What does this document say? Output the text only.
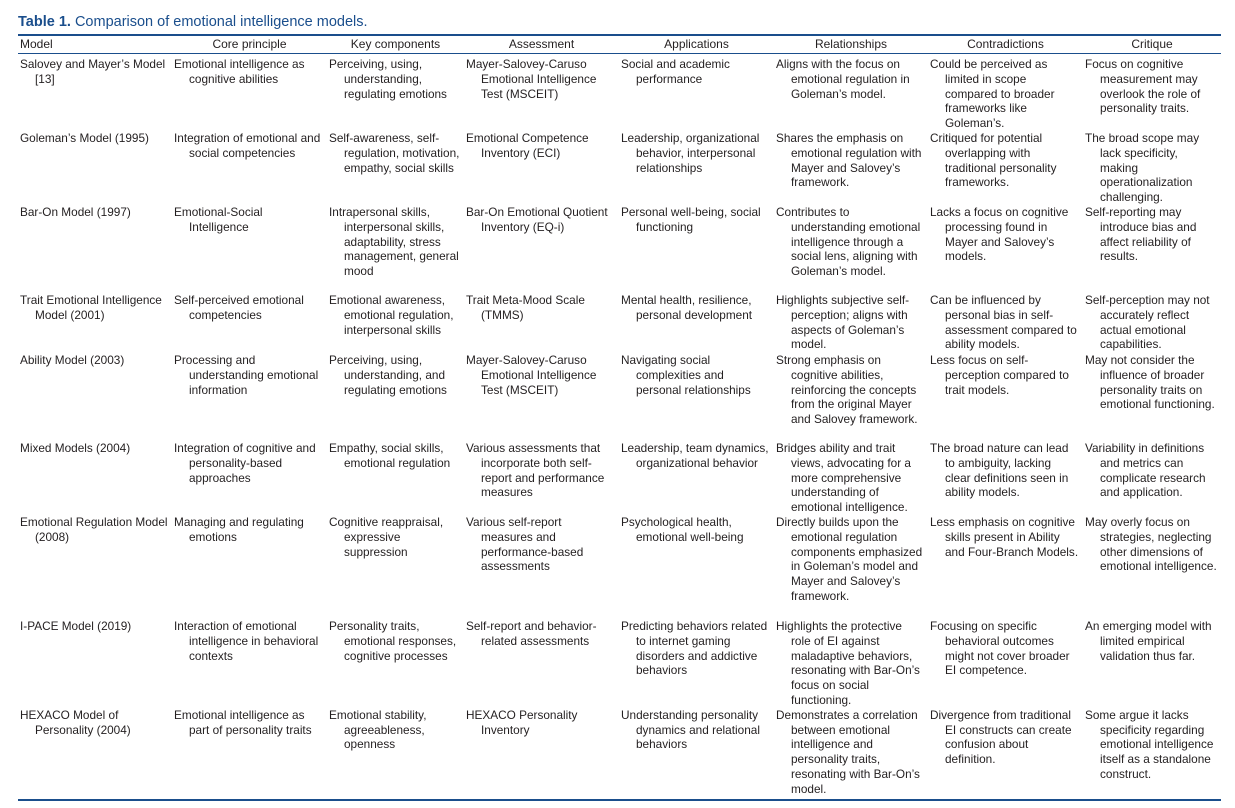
Table 1. Comparison of emotional intelligence models.
Model	Core principle	Key components	Assessment	Applications	Relationships	Contradictions	Critique

Salovey and Mayer’s Model [13]	Emotional intelligence as cognitive abilities	Perceiving, using, understanding, regulating emotions	Mayer-Salovey-Caruso Emotional Intelligence Test (MSCEIT)	Social and academic performance	Aligns with the focus on emotional regulation in Goleman’s model.	Could be perceived as limited in scope compared to broader frameworks like Goleman’s.	Focus on cognitive measurement may overlook the role of personality traits.

Goleman’s Model (1995)	Integration of emotional and social competencies	Self-awareness, self-regulation, motivation, empathy, social skills	Emotional Competence Inventory (ECI)	Leadership, organizational behavior, interpersonal relationships	Shares the emphasis on emotional regulation with Mayer and Salovey’s framework.	Critiqued for potential overlapping with traditional personality frameworks.	The broad scope may lack specificity, making operationalization challenging.

Bar-On Model (1997)	Emotional-Social Intelligence	Intrapersonal skills, interpersonal skills, adaptability, stress management, general mood	Bar-On Emotional Quotient Inventory (EQ-i)	Personal well-being, social functioning	Contributes to understanding emotional intelligence through a social lens, aligning with Goleman’s model.	Lacks a focus on cognitive processing found in Mayer and Salovey’s models.	Self-reporting may introduce bias and affect reliability of results.

Trait Emotional Intelligence Model (2001)	Self-perceived emotional competencies	Emotional awareness, emotional regulation, interpersonal skills	Trait Meta-Mood Scale (TMMS)	Mental health, resilience, personal development	Highlights subjective self-perception; aligns with aspects of Goleman’s model.	Can be influenced by personal bias in self-assessment compared to ability models.	Self-perception may not accurately reflect actual emotional capabilities.

Ability Model (2003)	Processing and understanding emotional information	Perceiving, using, understanding, and regulating emotions	Mayer-Salovey-Caruso Emotional Intelligence Test (MSCEIT)	Navigating social complexities and personal relationships	Strong emphasis on cognitive abilities, reinforcing the concepts from the original Mayer and Salovey framework.	Less focus on self-perception compared to trait models.	May not consider the influence of broader personality traits on emotional functioning.

Mixed Models (2004)	Integration of cognitive and personality-based approaches	Empathy, social skills, emotional regulation	Various assessments that incorporate both self-report and performance measures	Leadership, team dynamics, organizational behavior	Bridges ability and trait views, advocating for a more comprehensive understanding of emotional intelligence.	The broad nature can lead to ambiguity, lacking clear definitions seen in ability models.	Variability in definitions and metrics can complicate research and application.

Emotional Regulation Model (2008)	Managing and regulating emotions	Cognitive reappraisal, expressive suppression	Various self-report measures and performance-based assessments	Psychological health, emotional well-being	Directly builds upon the emotional regulation components emphasized in Goleman’s model and Mayer and Salovey’s framework.	Less emphasis on cognitive skills present in Ability and Four-Branch Models.	May overly focus on strategies, neglecting other dimensions of emotional intelligence.

I-PACE Model (2019)	Interaction of emotional intelligence in behavioral contexts	Personality traits, emotional responses, cognitive processes	Self-report and behavior-related assessments	Predicting behaviors related to internet gaming disorders and addictive behaviors	Highlights the protective role of EI against maladaptive behaviors, resonating with Bar-On’s focus on social functioning.	Focusing on specific behavioral outcomes might not cover broader EI competence.	An emerging model with limited empirical validation thus far.

HEXACO Model of Personality (2004)	Emotional intelligence as part of personality traits	Emotional stability, agreeableness, openness	HEXACO Personality Inventory	Understanding personality dynamics and relational behaviors	Demonstrates a correlation between emotional intelligence and personality traits, resonating with Bar-On’s model.	Divergence from traditional EI constructs can create confusion about definition.	Some argue it lacks specificity regarding emotional intelligence itself as a standalone construct.
